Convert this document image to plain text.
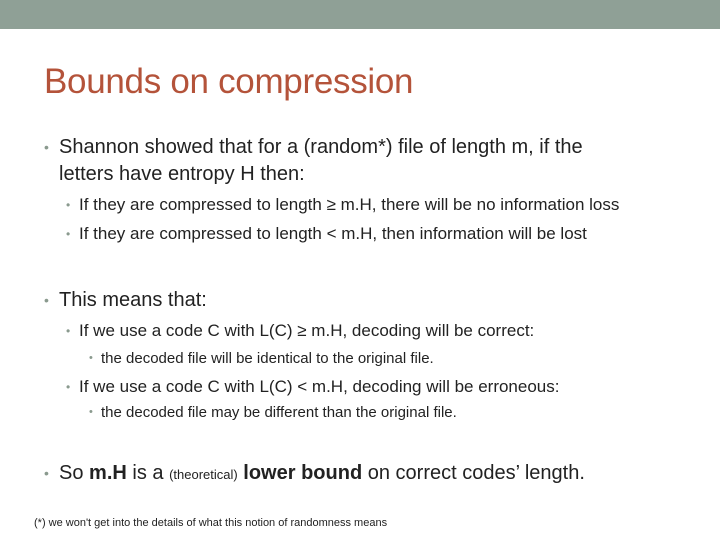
Bounds on compression
• Shannon showed that for a (random*) file of length m, if the
letters have entropy H then:
• If they are compressed to length ≥ m.H, there will be no information loss
• If they are compressed to length < m.H, then information will be lost
• This means that:
• If we use a code C with L(C) ≥ m.H, decoding will be correct:
• the decoded file will be identical to the original file.
• If we use a code C with L(C) < m.H, decoding will be erroneous:
• the decoded file may be different than the original file.
• So m.H is a (theoretical) lower bound on correct codes’ length.
(*) we won't get into the details of what this notion of randomness means
